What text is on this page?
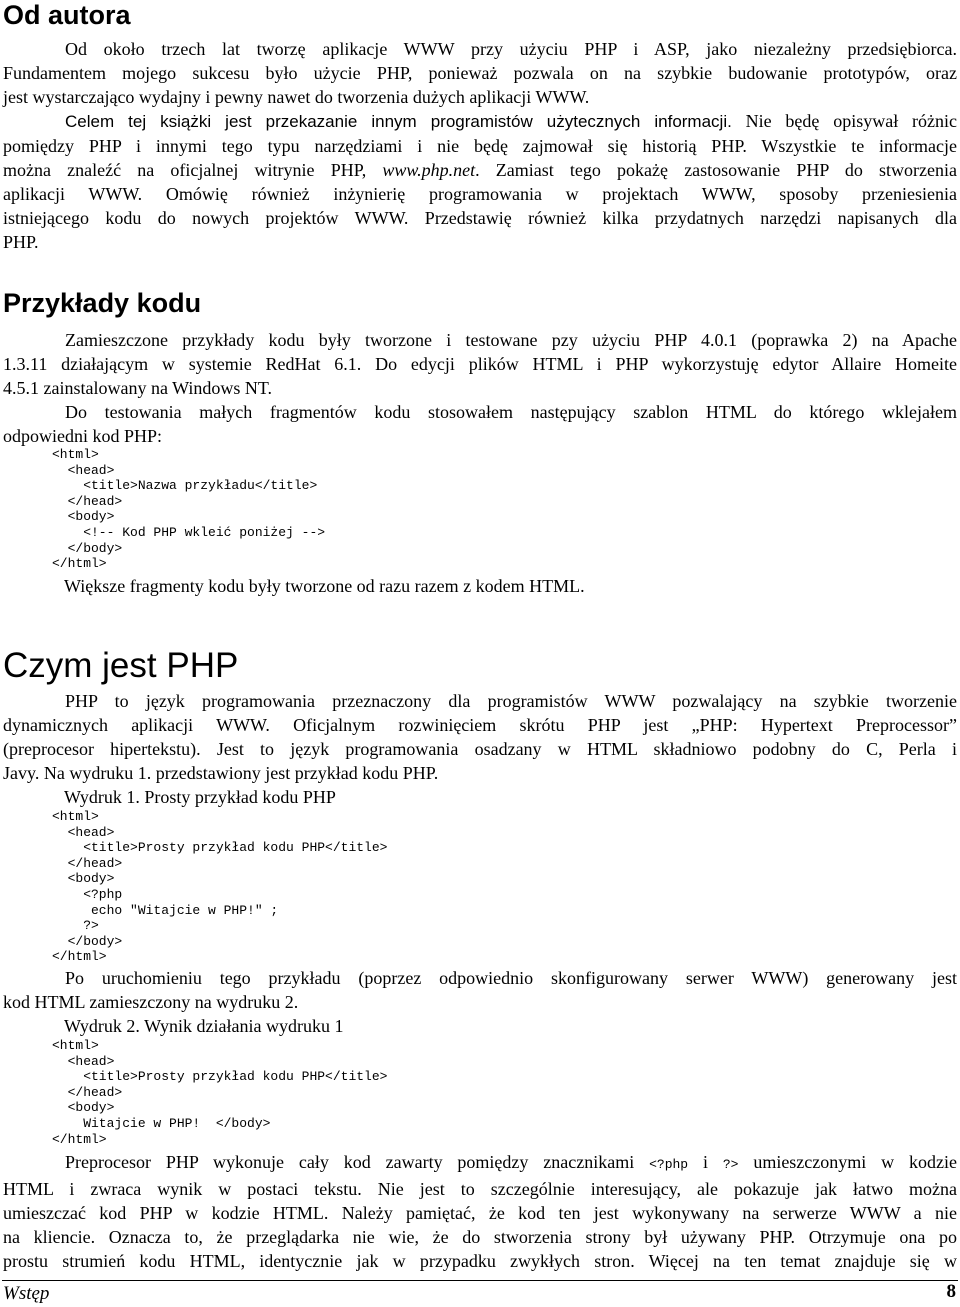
Od autora
Od około trzech lat tworzę aplikacje WWW przy użyciu PHP i ASP, jako niezależny przedsiębiorca.
Fundamentem mojego sukcesu było użycie PHP, ponieważ pozwala on na szybkie budowanie prototypów, oraz
jest wystarczająco wydajny i pewny nawet do tworzenia dużych aplikacji WWW.
Celem tej książki jest przekazanie innym programistów użytecznych informacji. Nie będę opisywał różnic
pomiędzy PHP i innymi tego typu narzędziami i nie będę zajmował się historią PHP. Wszystkie te informacje
można znaleźć na oficjalnej witrynie PHP, www.php.net. Zamiast tego pokażę zastosowanie PHP do stworzenia
aplikacji WWW. Omówię również inżynierię programowania w projektach WWW, sposoby przeniesienia
istniejącego kodu do nowych projektów WWW. Przedstawię również kilka przydatnych narzędzi napisanych dla
PHP.
Przykłady kodu
Zamieszczone przykłady kodu były tworzone i testowane pzy użyciu PHP 4.0.1 (poprawka 2) na Apache
1.3.11 działającym w systemie RedHat 6.1. Do edycji plików HTML i PHP wykorzystuję edytor Allaire Homeite
4.5.1 zainstalowany na Windows NT.
Do testowania małych fragmentów kodu stosowałem następujący szablon HTML do którego wklejałem
odpowiedni kod PHP:
<html>
<head>
<title>Nazwa przykładu</title>
</head>
<body>
<!-- Kod PHP wkleić poniżej -->
</body>
</html>
Większe fragmenty kodu były tworzone od razu razem z kodem HTML.
Czym jest PHP
PHP to język programowania przeznaczony dla programistów WWW pozwalający na szybkie tworzenie
dynamicznych aplikacji WWW. Oficjalnym rozwinięciem skrótu PHP jest „PHP: Hypertext Preprocessor”
(preprocesor hipertekstu). Jest to język programowania osadzany w HTML składniowo podobny do C, Perla i
Javy. Na wydruku 1. przedstawiony jest przykład kodu PHP.
Wydruk 1. Prosty przykład kodu PHP
<html>
<head>
<title>Prosty przykład kodu PHP</title>
</head>
<body>
<?php
echo "Witajcie w PHP!" ;
?>
</body>
</html>
Po uruchomieniu tego przykładu (poprzez odpowiednio skonfigurowany serwer WWW) generowany jest
kod HTML zamieszczony na wydruku 2.
Wydruk 2. Wynik działania wydruku 1
<html>
<head>
<title>Prosty przykład kodu PHP</title>
</head>
<body>
Witajcie w PHP!  </body>
</html>
Preprocesor PHP wykonuje cały kod zawarty pomiędzy znacznikami <?php i ?> umieszczonymi w kodzie
HTML i zwraca wynik w postaci tekstu. Nie jest to szczególnie interesujący, ale pokazuje jak łatwo można
umieszczać kod PHP w kodzie HTML. Należy pamiętać, że kod ten jest wykonywany na serwerze WWW a nie
na kliencie. Oznacza to, że przeglądarka nie wie, że do stworzenia strony był używany PHP. Otrzymuje ona po
prostu strumień kodu HTML, identycznie jak w przypadku zwykłych stron. Więcej na ten temat znajduje się w
Wstęp	8
